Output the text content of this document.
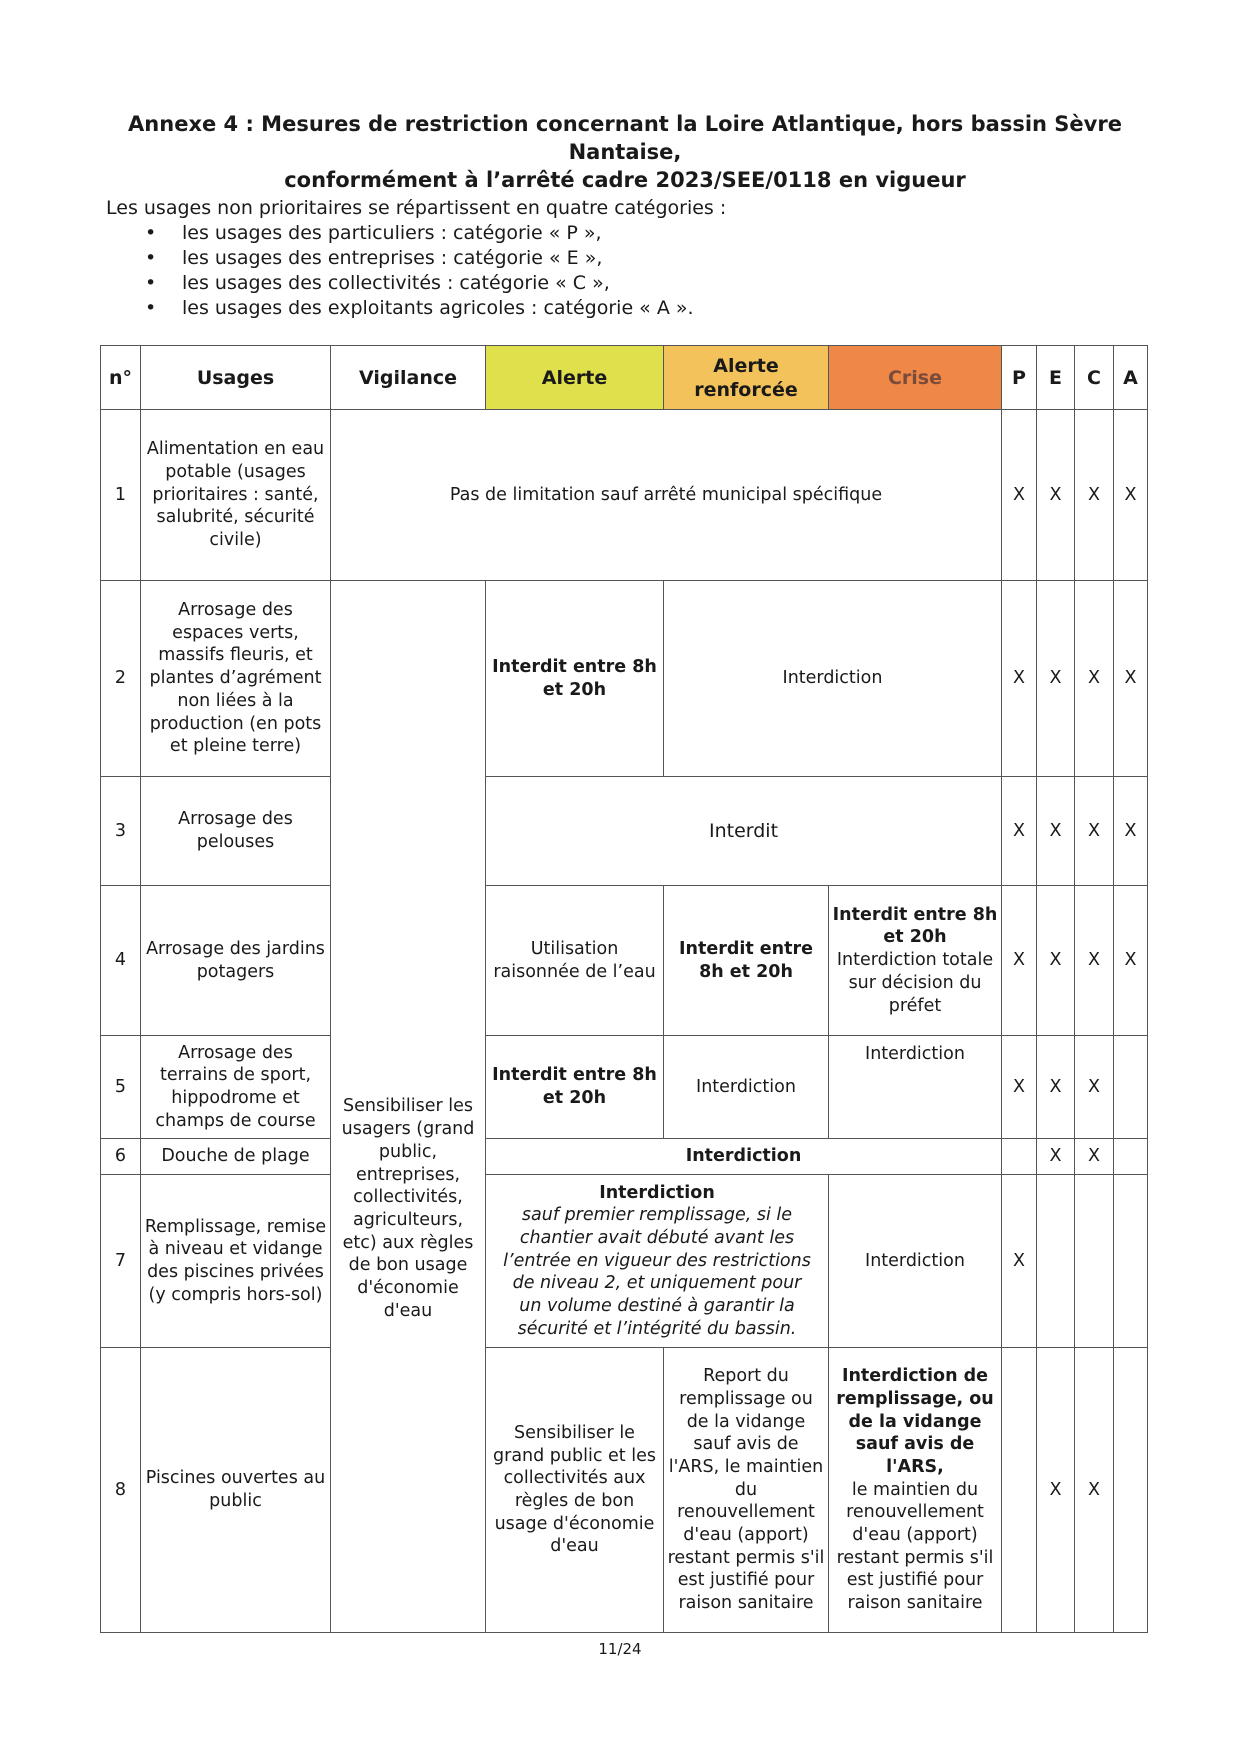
Annexe 4 : Mesures de restriction concernant la Loire Atlantique, hors bassin Sèvre Nantaise,
conformément à l’arrêté cadre 2023/SEE/0118 en vigueur
Les usages non prioritaires se répartissent en quatre catégories :
• les usages des particuliers : catégorie « P »,
• les usages des entreprises : catégorie « E »,
• les usages des collectivités : catégorie « C »,
• les usages des exploitants agricoles : catégorie « A ».
n°	Usages	Vigilance	Alerte	Alerte
renforcée	Crise	P	E	C	A
1	Alimentation en eau potable (usages prioritaires : santé, salubrité, sécurité civile)	Pas de limitation sauf arrêté municipal spécifique				X	X	X	X
2	Arrosage des espaces verts, massifs fleuris, et plantes d’agrément non liées à la production (en pots et pleine terre)	Sensibiliser les usagers (grand public, entreprises, collectivités, agriculteurs, etc) aux règles de bon usage d'économie d'eau	Interdit entre 8h et 20h	Interdiction		X	X	X	X
3	Arrosage des pelouses		Interdit			X	X	X	X
4	Arrosage des jardins potagers		Utilisation raisonnée de l’eau	Interdit entre 8h et 20h	Interdit entre 8h et 20h
Interdiction totale sur décision du préfet	X	X	X	X
5	Arrosage des terrains de sport, hippodrome et champs de course		Interdit entre 8h et 20h	Interdiction	Interdiction	X	X	X	
6	Douche de plage		Interdiction				X	X	
7	Remplissage, remise à niveau et vidange des piscines privées (y compris hors-sol)		Interdiction
sauf premier remplissage, si le chantier avait débuté avant les l’entrée en vigueur des restrictions de niveau 2, et uniquement pour un volume destiné à garantir la sécurité et l’intégrité du bassin.		Interdiction	X			
8	Piscines ouvertes au public		Sensibiliser le grand public et les collectivités aux règles de bon usage d'économie d'eau	Report du remplissage ou de la vidange sauf avis de l'ARS, le maintien du renouvellement d'eau (apport) restant permis s'il est justifié pour raison sanitaire	Interdiction de remplissage, ou de la vidange sauf avis de l'ARS,
le maintien du renouvellement d'eau (apport) restant permis s'il est justifié pour raison sanitaire		X	X	
11/24
